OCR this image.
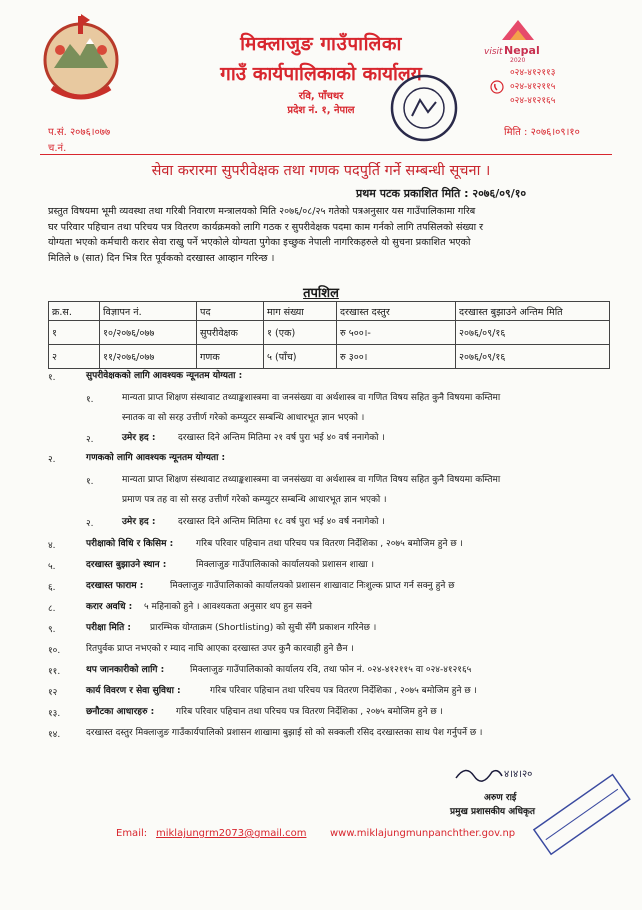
मिक्लाजुङ गाउँपालिका
गाउँ कार्यपालिकाको कार्यालय
रवि, पाँचथर
प्रदेश नं. १, नेपाल
visit Nepal
2020
०२४-४१२११३
०२४-४१२११५
०२४-४१२१६५
प.सं. २०७६।०७७
च.नं.
मिति : २०७६।०९।१०
सेवा करारमा सुपरीवेक्षक तथा गणक पदपुर्ति गर्ने सम्बन्धी सूचना ।
प्रथम पटक प्रकाशित मिति : २०७६/०९/१०
प्रस्तुत विषयमा भूमी व्यवस्था तथा गरिबी निवारण मन्त्रालयको मिति २०७६/०८/२५ गतेको पत्रअनुसार यस गाउँपालिकामा गरिब
घर परिवार पहिचान तथा परिचय पत्र वितरण कार्यक्रमको लागि गठक र सुपरीवेक्षक पदमा काम गर्नको लागि तपसिलको संख्या र
योग्यता भएको कर्मचारी करार सेवा राखु पर्ने भएकोले योग्यता पुगेका इच्छुक नेपाली नागरिकहरुले यो सुचना प्रकाशित भएको
मितिले ७ (सात) दिन भित्र रित पूर्वकको दरखास्त आव्हान गरिन्छ ।
तपशिल
क्र.स.	विज्ञापन नं.	पद	माग संख्या	दरखास्त दस्तुर	दरखास्त बुझाउने अन्तिम मिति
१	१०/२०७६/०७७	सुपरीवेक्षक	१ (एक)	रु ५००।-	२०७६/०९/१६
२	११/२०७६/०७७	गणक	५ (पाँच)	रु ३००।	२०७६/०९/१६
१.	सुपरीवेक्षकको लागि आवश्यक न्यूनतम योग्यता :
१.	मान्यता प्राप्त शिक्षण संस्थावाट तथ्याङ्कशास्त्रमा वा जनसंख्या वा अर्थशास्त्र वा गणित विषय सहित कुनै विषयमा कम्तिमा
स्नातक वा सो सरह उत्तीर्ण गरेको कम्प्युटर सम्बन्धि आधारभूत ज्ञान भएको ।
२.	उमेर हद :	दरखास्त दिने अन्तिम मितिमा २१ वर्ष पुरा भई ४० वर्ष ननागेको ।
२.	गणकको लागि आवश्यक न्यूनतम योग्यता :
१.	मान्यता प्राप्त शिक्षण संस्थावाट तथ्याङ्कशास्त्रमा वा जनसंख्या वा अर्थशास्त्र वा गणित विषय सहित कुनै विषयमा कम्तिमा
प्रमाण पत्र तह वा सो सरह उत्तीर्ण गरेको कम्प्युटर सम्बन्धि आधारभूत ज्ञान भएको ।
२.	उमेर हद :	दरखास्त दिने अन्तिम मितिमा १८ वर्ष पुरा भई ४० वर्ष ननागेको ।
४.	परीक्षाको विधि र किसिम :	गरिब परिवार पहिचान तथा परिचय पत्र वितरण निर्देशिका , २०७५ बमोजिम हुने छ ।
५.	दरखास्त बुझाउने स्थान :	मिक्लाजुङ गाउँपालिकाको कार्यालयको प्रशासन शाखा ।
६.	दरखास्त फाराम :	मिक्लाजुङ गाउँपालिकाको कार्यालयको प्रशासन शाखावाट निःशुल्क प्राप्त गर्न सक्नु हुने छ
८.	करार अवधि : ५ महिनाको हुने । आवश्यकता अनुसार थप हुन सक्ने
९.	परीक्षा मिति : प्रारम्भिक योग्ताक्रम (Shortlisting) को सुची सँगै प्रकाशन गरिनेछ ।
१०.	रितपुर्वक प्राप्त नभएको र म्याद नाघि आएका दरखास्त उपर कुनै कारवाही हुने छैन ।
११.	थप जानकारीको लागि :	मिक्लाजुङ गाउँपालिकाको कार्यालय रवि, तथा फोन नं. ०२४-४१२११५ वा ०२४-४१२१६५
१२	कार्य विवरण र सेवा सुविधा :	गरिब परिवार पहिचान तथा परिचय पत्र वितरण निर्देशिका , २०७५ बमोजिम हुने छ ।
१३.	छनौटका आधारहरु : गरिब परिवार पहिचान तथा परिचय पत्र वितरण निर्देशिका , २०७५ बमोजिम हुने छ ।
१४.	दरखास्त दस्तुर मिक्लाजुङ गाउँकार्यपालिको प्रशासन शाखामा बुझाई सो को सक्कली रसिद दरखास्तका साथ पेश गर्नुपर्ने छ ।
४।४।२०
अरुण राई
प्रमुख प्रशासकीय अधिकृत
Email: miklajungrm2073@gmail.com www.miklajungmunpanchther.gov.np
